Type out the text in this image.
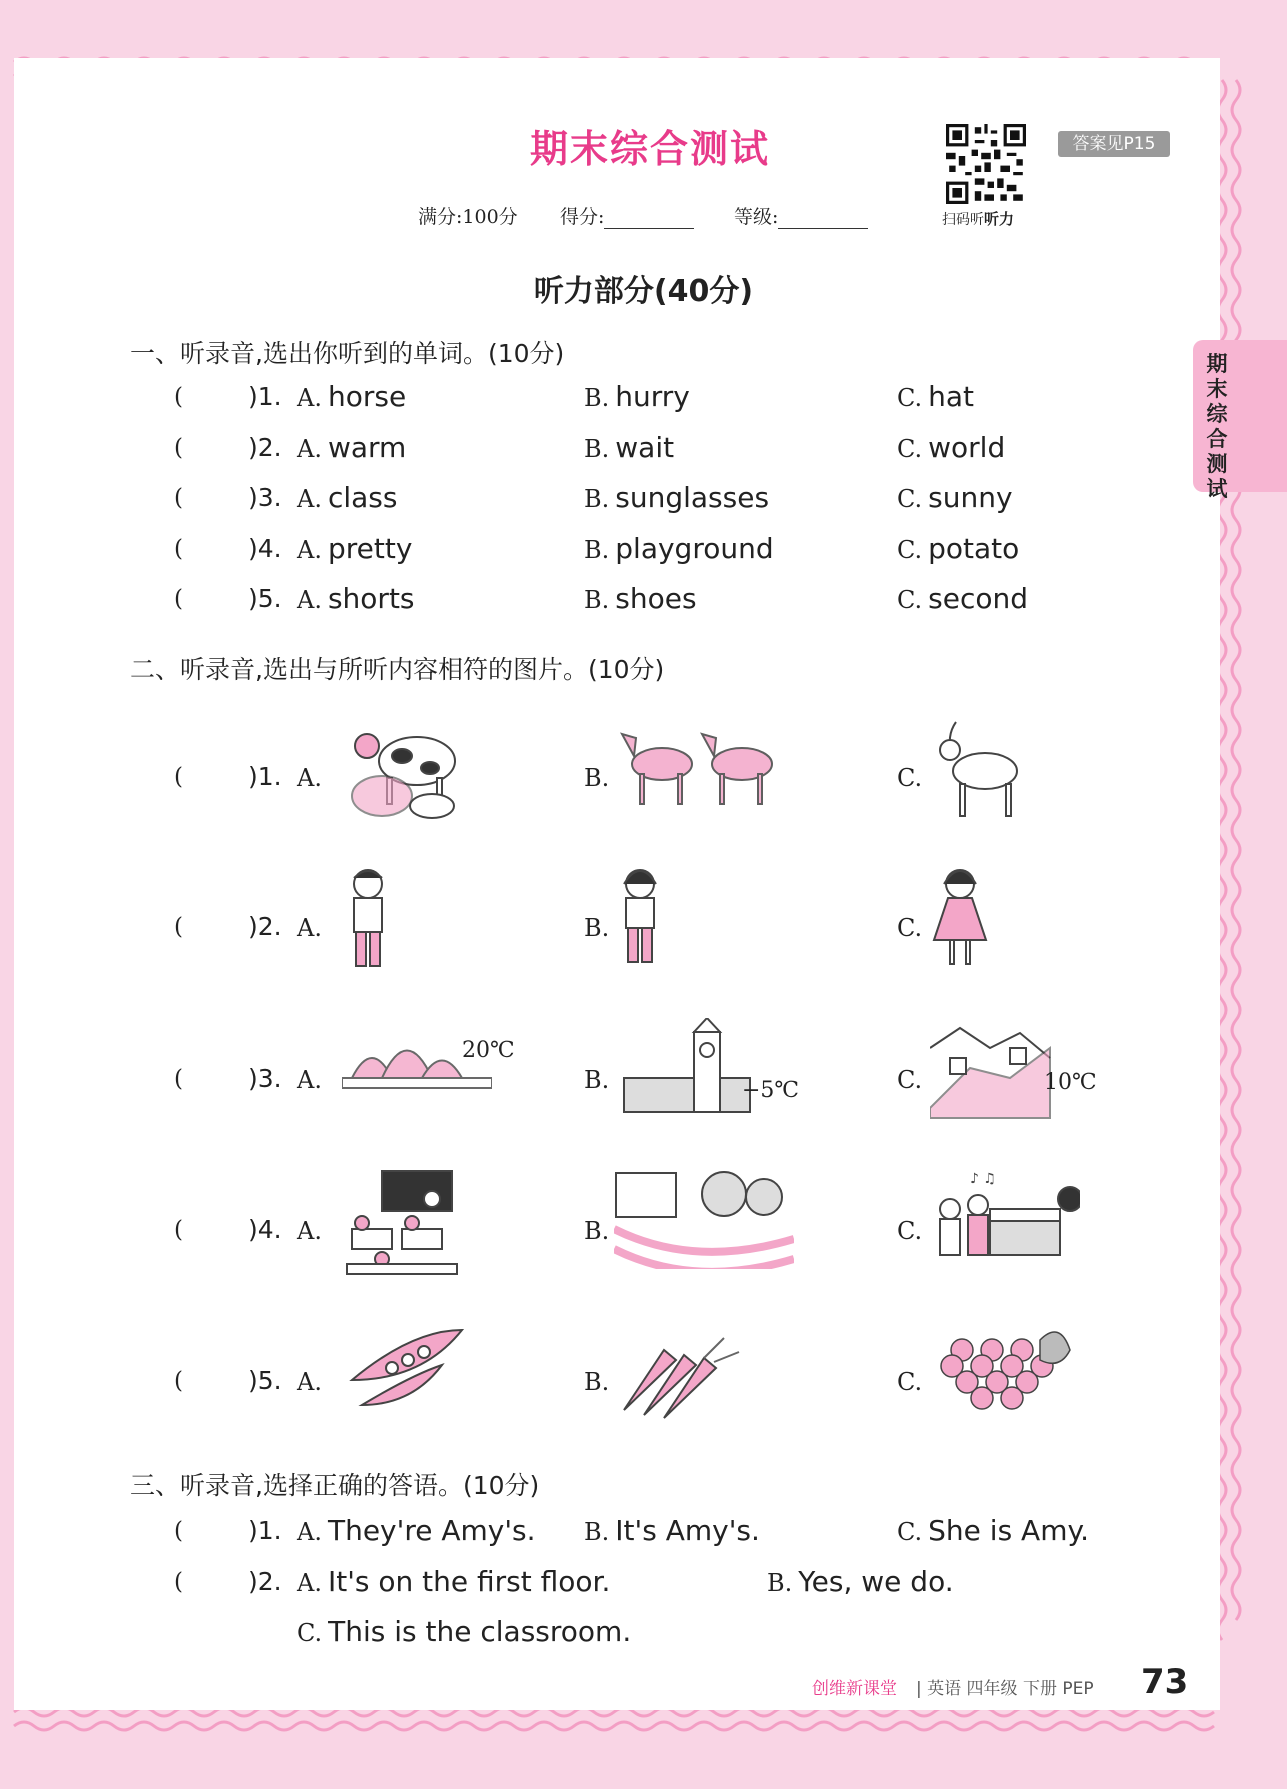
期末综合测试
期末综合测试
扫码听听力
答案见P15
满分:100分 得分:	等级:
听力部分(40分)
一、听录音,选出你听到的单词。(10分)
(	)1. A. horse	B. hurry	C. hat
(	)2. A. warm	B. wait	C. world
(	)3. A. class	B. sunglasses	C. sunny
(	)4. A. pretty	B. playground	C. potato
(	)5. A. shorts	B. shoes	C. second
二、听录音,选出与所听内容相符的图片。(10分)
(	)1. A.	B.	C.
(	)2. A.	B.	C.
(	)3. A.	B.	C.
20℃
−5℃	10℃
(	)4. A.	B.	C.
♪ ♫
(	)5. A.	B.	C.
三、听录音,选择正确的答语。(10分)
(	)1. A. They're Amy's. B. It's Amy's.	C. She is Amy.
(	)2. A. It's on the first floor.	B. Yes, we do.
C. This is the classroom.
创维新课堂 | 英语 四年级 下册 PEP 73
